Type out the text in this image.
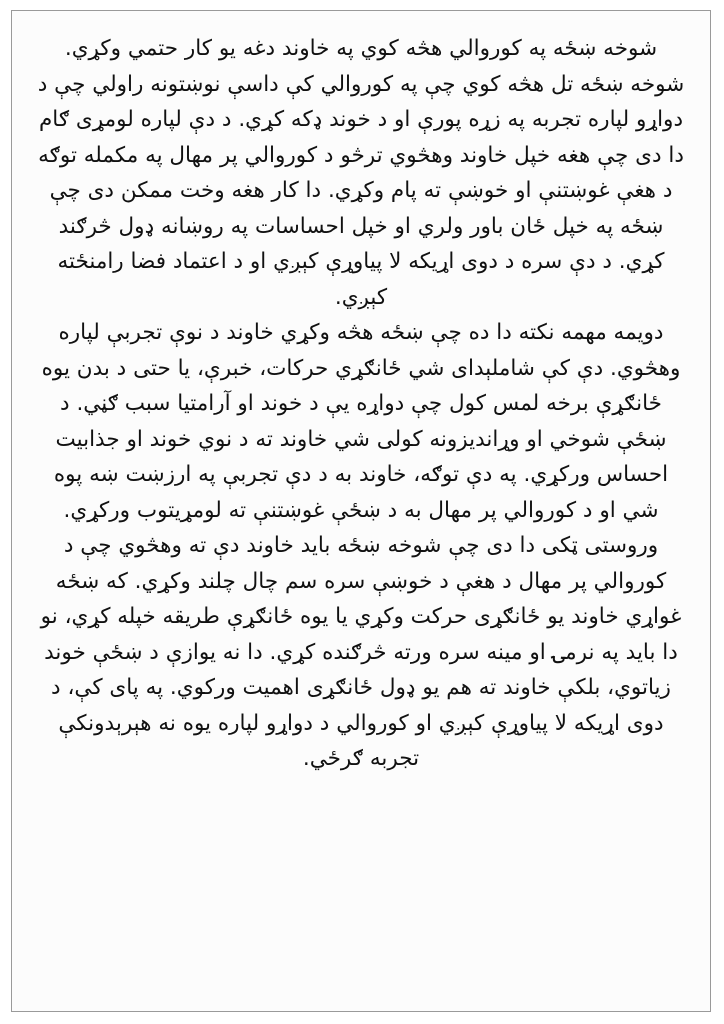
شوخه ښځه په کوروالي هڅه کوي په خاوند دغه یو کار حتمي وکړي.

شوخه ښځه تل هڅه کوي چې په کوروالي کې داسې نوښتونه راولي چې د دواړو لپاره تجربه په زړه پورې او د خوند ډکه کړي. د دې لپاره لومړی ګام دا دی چې هغه خپل خاوند وهڅوي ترڅو د کوروالي پر مهال په مکمله توګه د هغې غوښتنې او خوښې ته پام وکړي. دا کار هغه وخت ممکن دی چې ښځه په خپل ځان باور ولري او خپل احساسات په روښانه ډول څرګند کړي. د دې سره د دوی اړیکه لا پیاوړې کېږي او د اعتماد فضا رامنځته کېږي.

دویمه مهمه نکته دا ده چې ښځه هڅه وکړي خاوند د نوې تجربې لپاره وهڅوي. دې کې شاملېدای شي ځانګړي حرکات، خبرې، یا حتی د بدن یوه ځانګړې برخه لمس کول چې دواړه یې د خوند او آرامتیا سبب ګڼي. د ښځې شوخي او وړاندیزونه کولی شي خاوند ته د نوي خوند او جذابیت احساس ورکړي. په دې توګه، خاوند به د دې تجربې په ارزښت ښه پوه شي او د کوروالي پر مهال به د ښځې غوښتنې ته لومړیتوب ورکړي.

وروستی ټکی دا دی چې شوخه ښځه باید خاوند دې ته وهڅوي چې د کوروالي پر مهال د هغې د خوښې سره سم چال چلند وکړي. که ښځه غواړي خاوند یو ځانګړی حرکت وکړي یا یوه ځانګړې طریقه خپله کړي، نو دا باید په نرمۍ او مینه سره ورته څرګنده کړي. دا نه یوازې د ښځې خوند زیاتوي، بلکې خاوند ته هم یو ډول ځانګړی اهمیت ورکوي. په پای کې، د دوی اړیکه لا پیاوړې کېږي او کوروالي د دواړو لپاره یوه نه هېرېدونکې تجربه ګرځي.
